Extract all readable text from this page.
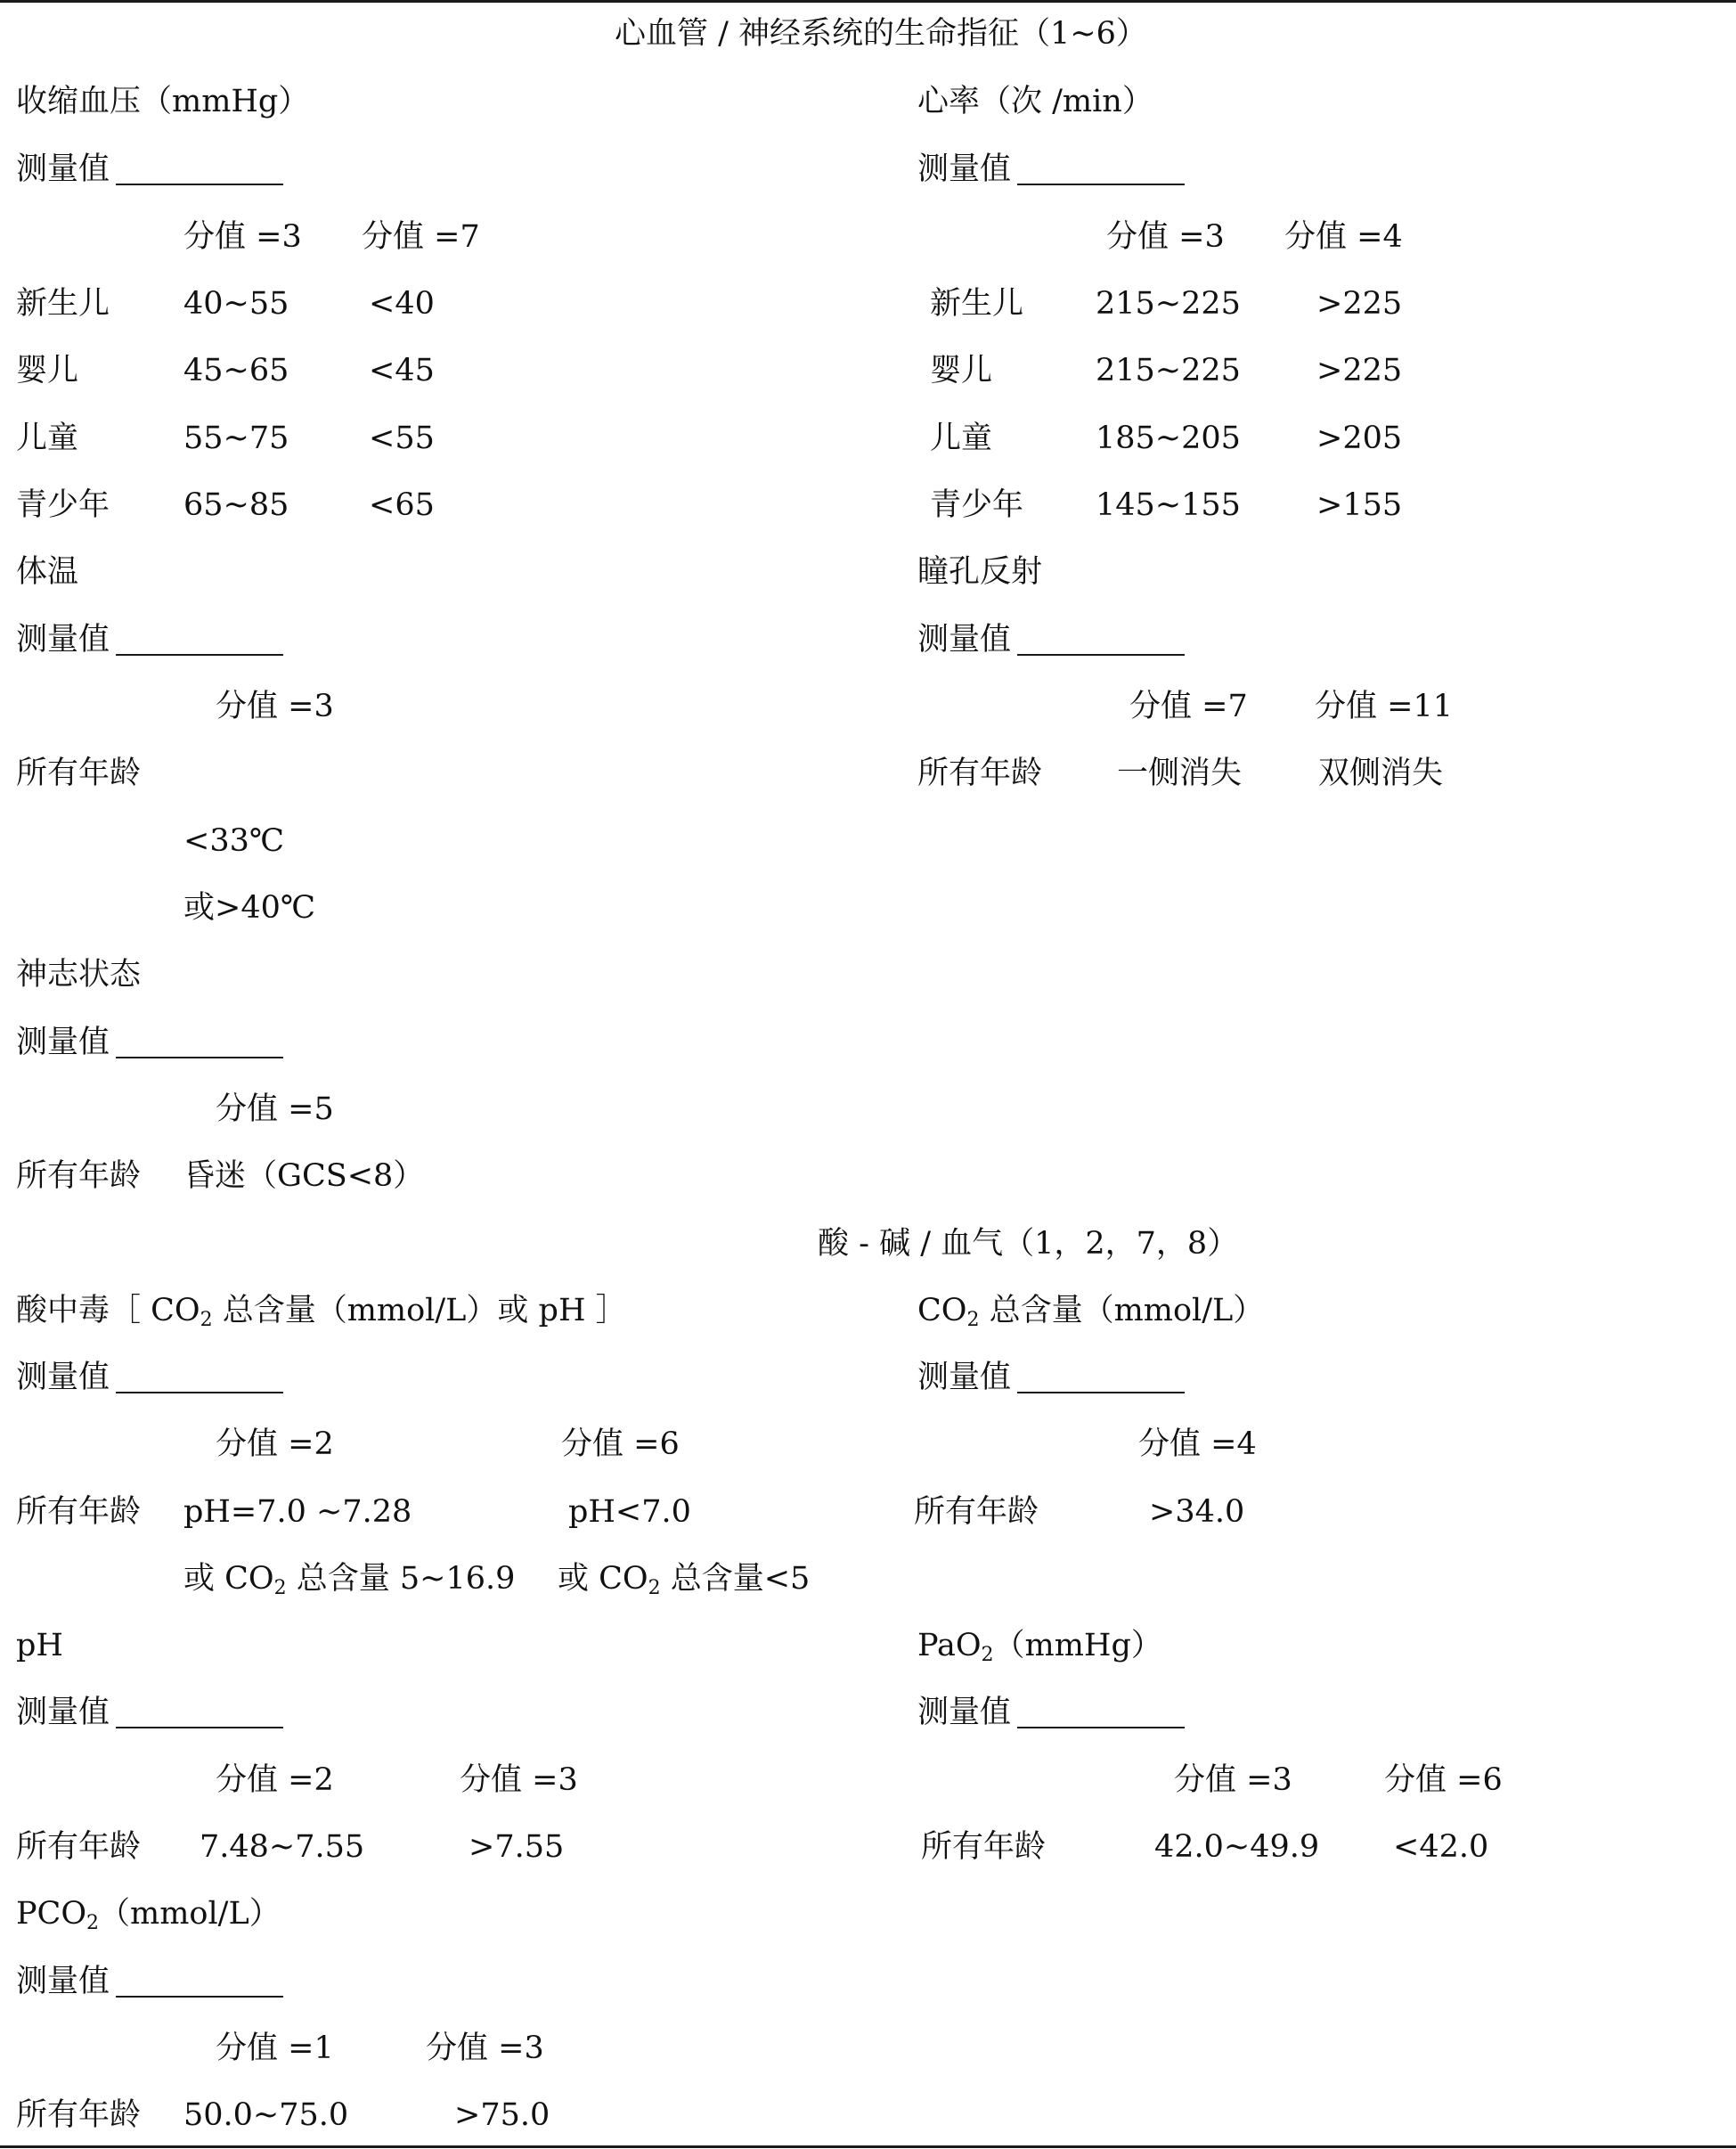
心血管 / 神经系统的生命指征（1~6）
收缩血压（mmHg）
测量值
分值 =3 分值 =7
新生儿 40~55	<40
婴儿	45~65	<45
儿童	55~75	<55
青少年 65~85	<65
心率（次 /min）
测量值
分值 =3 分值 =4
新生儿 215~225 >225
婴儿	215~225 >225
儿童	185~205 >205
青少年 145~155 >155
体温
测量值
分值 =3
所有年龄
<33℃
或>40℃
瞳孔反射
测量值
分值 =7 分值 =11
所有年龄 一侧消失 双侧消失
神志状态
测量值
分值 =5
所有年龄 昏迷（GCS<8）
酸 - 碱 / 血气（1，2，7，8）
酸中毒［ $CO_2$ 总含量（mmol/L）或 pH ］
测量值
分值 =2	分值 =6
所有年龄 pH=7.0 ~7.28	pH<7.0
或 $CO_2$ 总含量 5~16.9 或 $CO_2$ 总含量<5
$CO_2$ 总含量（mmol/L）
测量值
分值 =4
所有年龄	>34.0
pH
测量值
分值 =2	分值 =3
所有年龄 7.48~7.55	>7.55
PaO$_2$（mmHg）
测量值
分值 =3	分值 =6
所有年龄	42.0~49.9 <42.0
$PCO_2(mmol/L)$
测量值
分值 =1	分值 =3
所有年龄 50.0~75.0	>75.0
